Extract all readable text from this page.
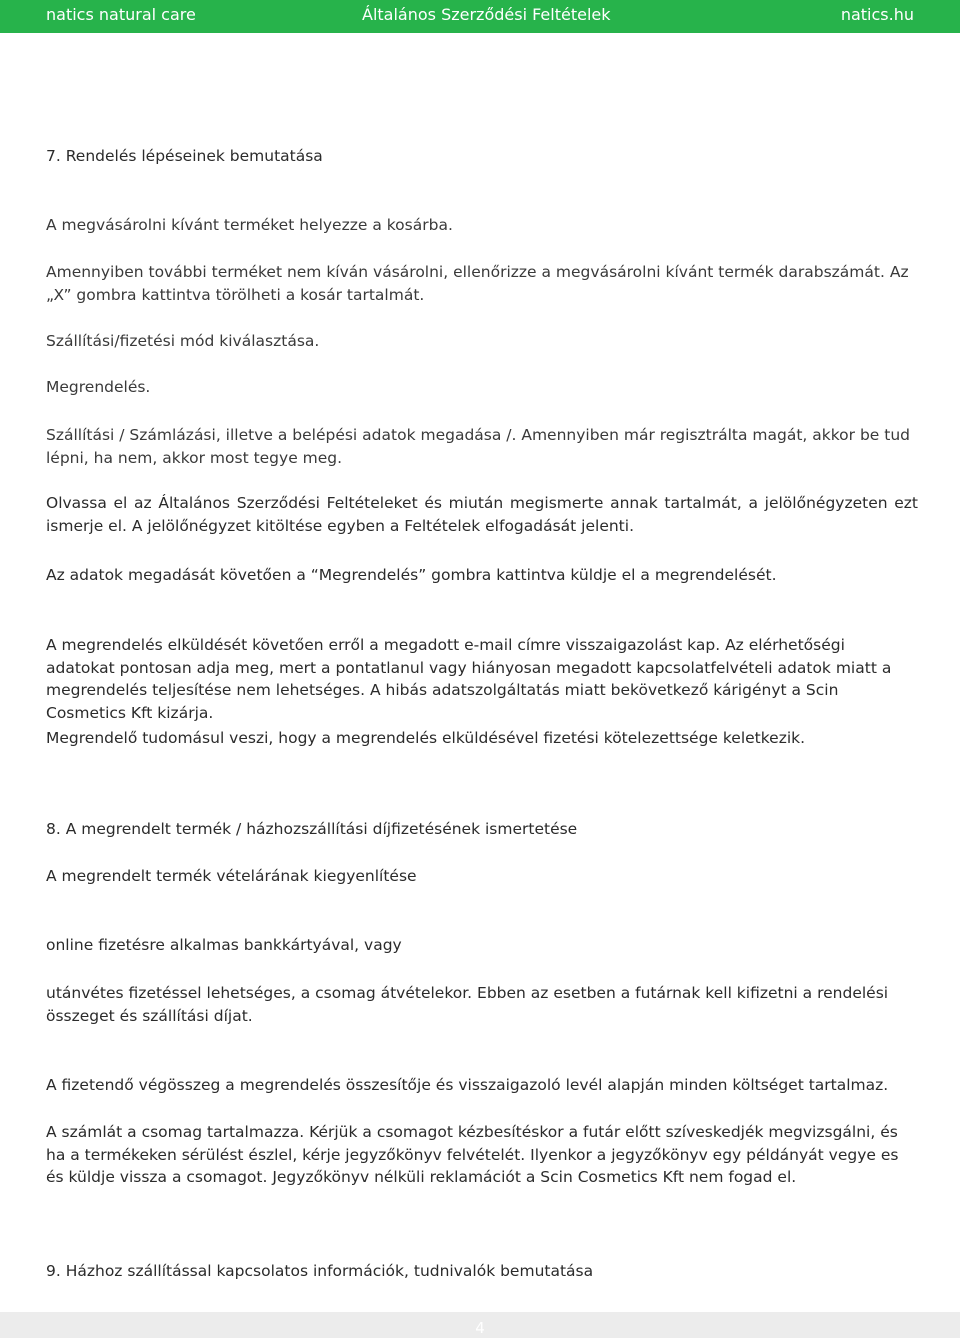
natics natural care	Általános Szerződési Feltételek	natics.hu
7. Rendelés lépéseinek bemutatása
A megvásárolni kívánt terméket helyezze a kosárba.
Amennyiben további terméket nem kíván vásárolni, ellenőrizze a megvásárolni kívánt termék darabszámát. Az „X” gombra kattintva törölheti a kosár tartalmát.
Szállítási/fizetési mód kiválasztása.
Megrendelés.
Szállítási / Számlázási, illetve a belépési adatok megadása /. Amennyiben már regisztrálta magát, akkor be tud lépni, ha nem, akkor most tegye meg.
Olvassa el az Általános Szerződési Feltételeket és miután megismerte annak tartalmát, a jelölőnégyzeten ezt ismerje el. A jelölőnégyzet kitöltése egyben a Feltételek elfogadását jelenti.
Az adatok megadását követően a “Megrendelés” gombra kattintva küldje el a megrendelését.
A megrendelés elküldését követően erről a megadott e-mail címre visszaigazolást kap. Az elérhetőségi adatokat pontosan adja meg, mert a pontatlanul vagy hiányosan megadott kapcsolatfelvételi adatok miatt a megrendelés teljesítése nem lehetséges. A hibás adatszolgáltatás miatt bekövetkező kárigényt a Scin Cosmetics Kft kizárja.
Megrendelő tudomásul veszi, hogy a megrendelés elküldésével fizetési kötelezettsége keletkezik.
8. A megrendelt termék / házhozszállítási díjfizetésének ismertetése
A megrendelt termék vételárának kiegyenlítése
online fizetésre alkalmas bankkártyával, vagy
utánvétes fizetéssel lehetséges, a csomag átvételekor. Ebben az esetben a futárnak kell kifizetni a rendelési összeget és szállítási díjat.
A fizetendő végösszeg a megrendelés összesítője és visszaigazoló levél alapján minden költséget tartalmaz.
A számlát a csomag tartalmazza. Kérjük a csomagot kézbesítéskor a futár előtt szíveskedjék megvizsgálni, és ha a termékeken sérülést észlel, kérje jegyzőkönyv felvételét. Ilyenkor a jegyzőkönyv egy példányát vegye es és küldje vissza a csomagot. Jegyzőkönyv nélküli reklamációt a Scin Cosmetics Kft nem fogad el.
9. Házhoz szállítással kapcsolatos információk, tudnivalók bemutatása
4
